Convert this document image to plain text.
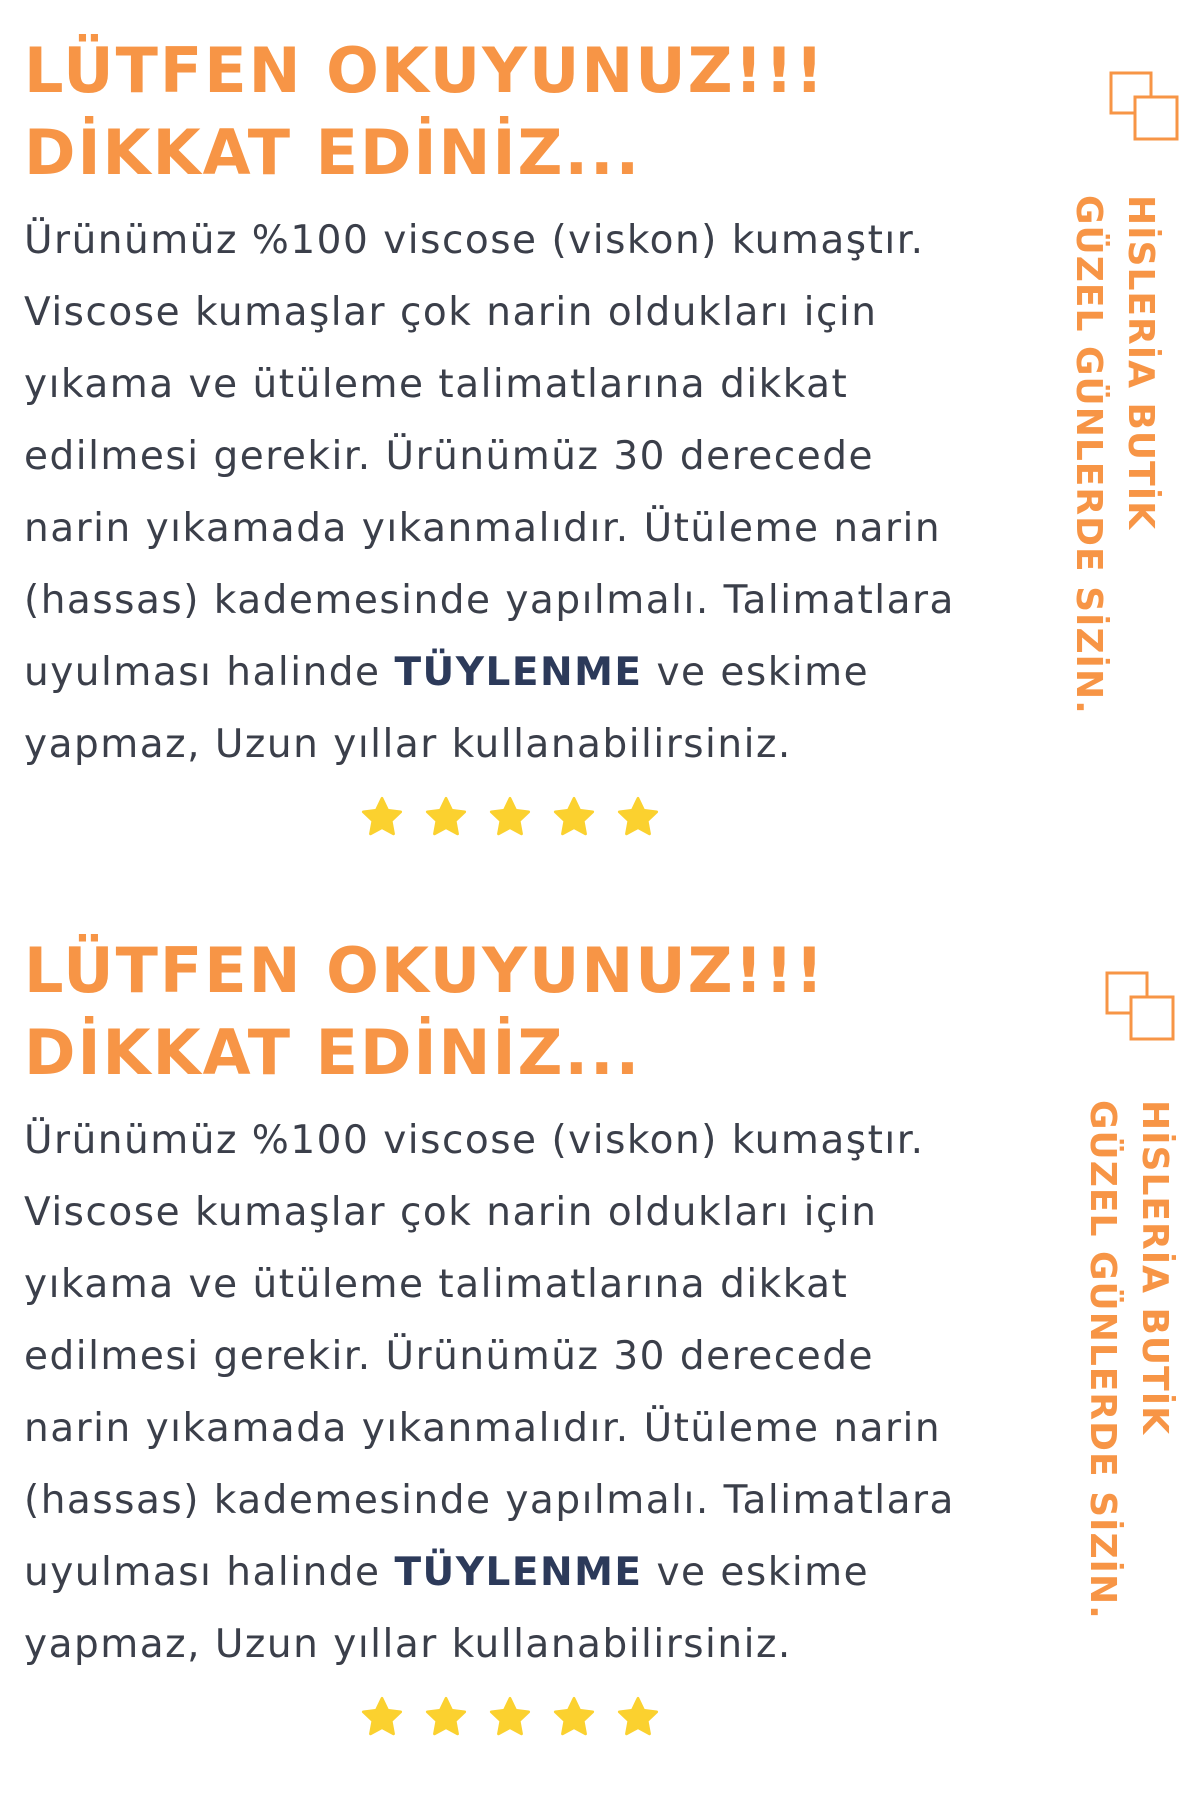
LÜTFEN OKUYUNUZ!!!
DİKKAT EDİNİZ...

Ürünümüz %100 viscose (viskon) kumaştır.
Viscose kumaşlar çok narin oldukları için
yıkama ve ütüleme talimatlarına dikkat
edilmesi gerekir. Ürünümüz 30 derecede
narin yıkamada yıkanmalıdır. Ütüleme narin
(hassas) kademesinde yapılmalı. Talimatlara
uyulması halinde TÜYLENME ve eskime
yapmaz, Uzun yıllar kullanabilirsiniz.

HİSLERİA BUTİK
GÜZEL GÜNLERDE SİZİN.
LÜTFEN OKUYUNUZ!!!
DİKKAT EDİNİZ...

Ürünümüz %100 viscose (viskon) kumaştır.
Viscose kumaşlar çok narin oldukları için
yıkama ve ütüleme talimatlarına dikkat
edilmesi gerekir. Ürünümüz 30 derecede
narin yıkamada yıkanmalıdır. Ütüleme narin
(hassas) kademesinde yapılmalı. Talimatlara
uyulması halinde TÜYLENME ve eskime
yapmaz, Uzun yıllar kullanabilirsiniz.

HİSLERİA BUTİK
GÜZEL GÜNLERDE SİZİN.
